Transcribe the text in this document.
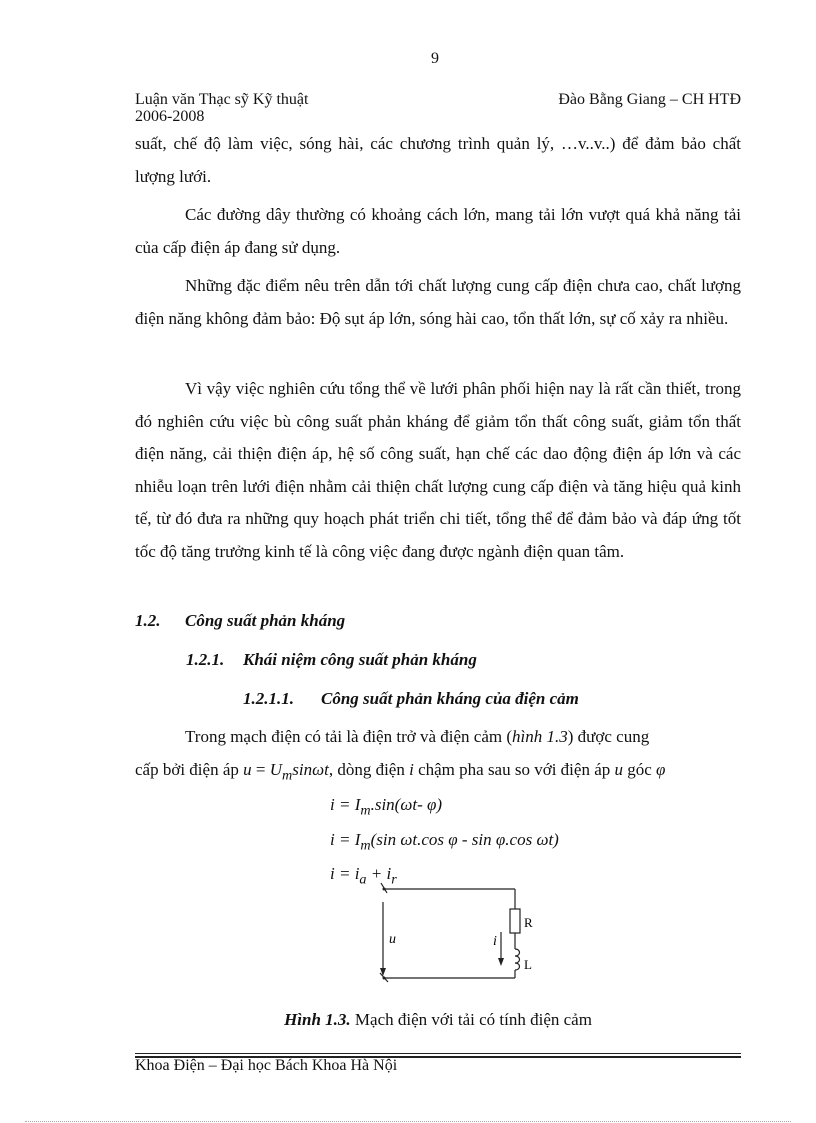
9
Luận văn Thạc sỹ Kỹ thuật	Đào Bằng Giang – CH HTĐ
2006-2008
suất, chế độ làm việc, sóng hài, các chương trình quản lý, …v..v..) để đảm bảo chất lượng lưới.
Các đường dây thường có khoảng cách lớn, mang tải lớn vượt quá khả năng tải của cấp điện áp đang sử dụng.
Những đặc điểm nêu trên dẫn tới chất lượng cung cấp điện chưa cao, chất lượng điện năng không đảm bảo: Độ sụt áp lớn, sóng hài cao, tổn thất lớn, sự cố xảy ra nhiều.
Vì vậy việc nghiên cứu tổng thể về lưới phân phối hiện nay là rất cần thiết, trong đó nghiên cứu việc bù công suất phản kháng để giảm tổn thất công suất, giảm tổn thất điện năng, cải thiện điện áp, hệ số công suất, hạn chế các dao động điện áp lớn và các nhiễu loạn trên lưới điện nhằm cải thiện chất lượng cung cấp điện và tăng hiệu quả kinh tế, từ đó đưa ra những quy hoạch phát triển chi tiết, tổng thể để đảm bảo và đáp ứng tốt tốc độ tăng trưởng kinh tế là công việc đang được ngành điện quan tâm.
1.2. Công suất phản kháng
1.2.1. Khái niệm công suất phản kháng
1.2.1.1. Công suất phản kháng của điện cảm
Trong mạch điện có tải là điện trở và điện cảm (hình 1.3) được cung
cấp bởi điện áp $u = U_m\sin\omega t$, dòng điện i chậm pha sau so với điện áp u góc φ
$i = I_m.\sin(\omega t-$ φ)
$i = I_m(\sin$ ωt.cos φ - sin φ.cos ωt)
$i = i_a + i_r$
u	i
R
L
Hình 1.3. Mạch điện với tải có tính điện cảm
Khoa Điện – Đại học Bách Khoa Hà Nội
